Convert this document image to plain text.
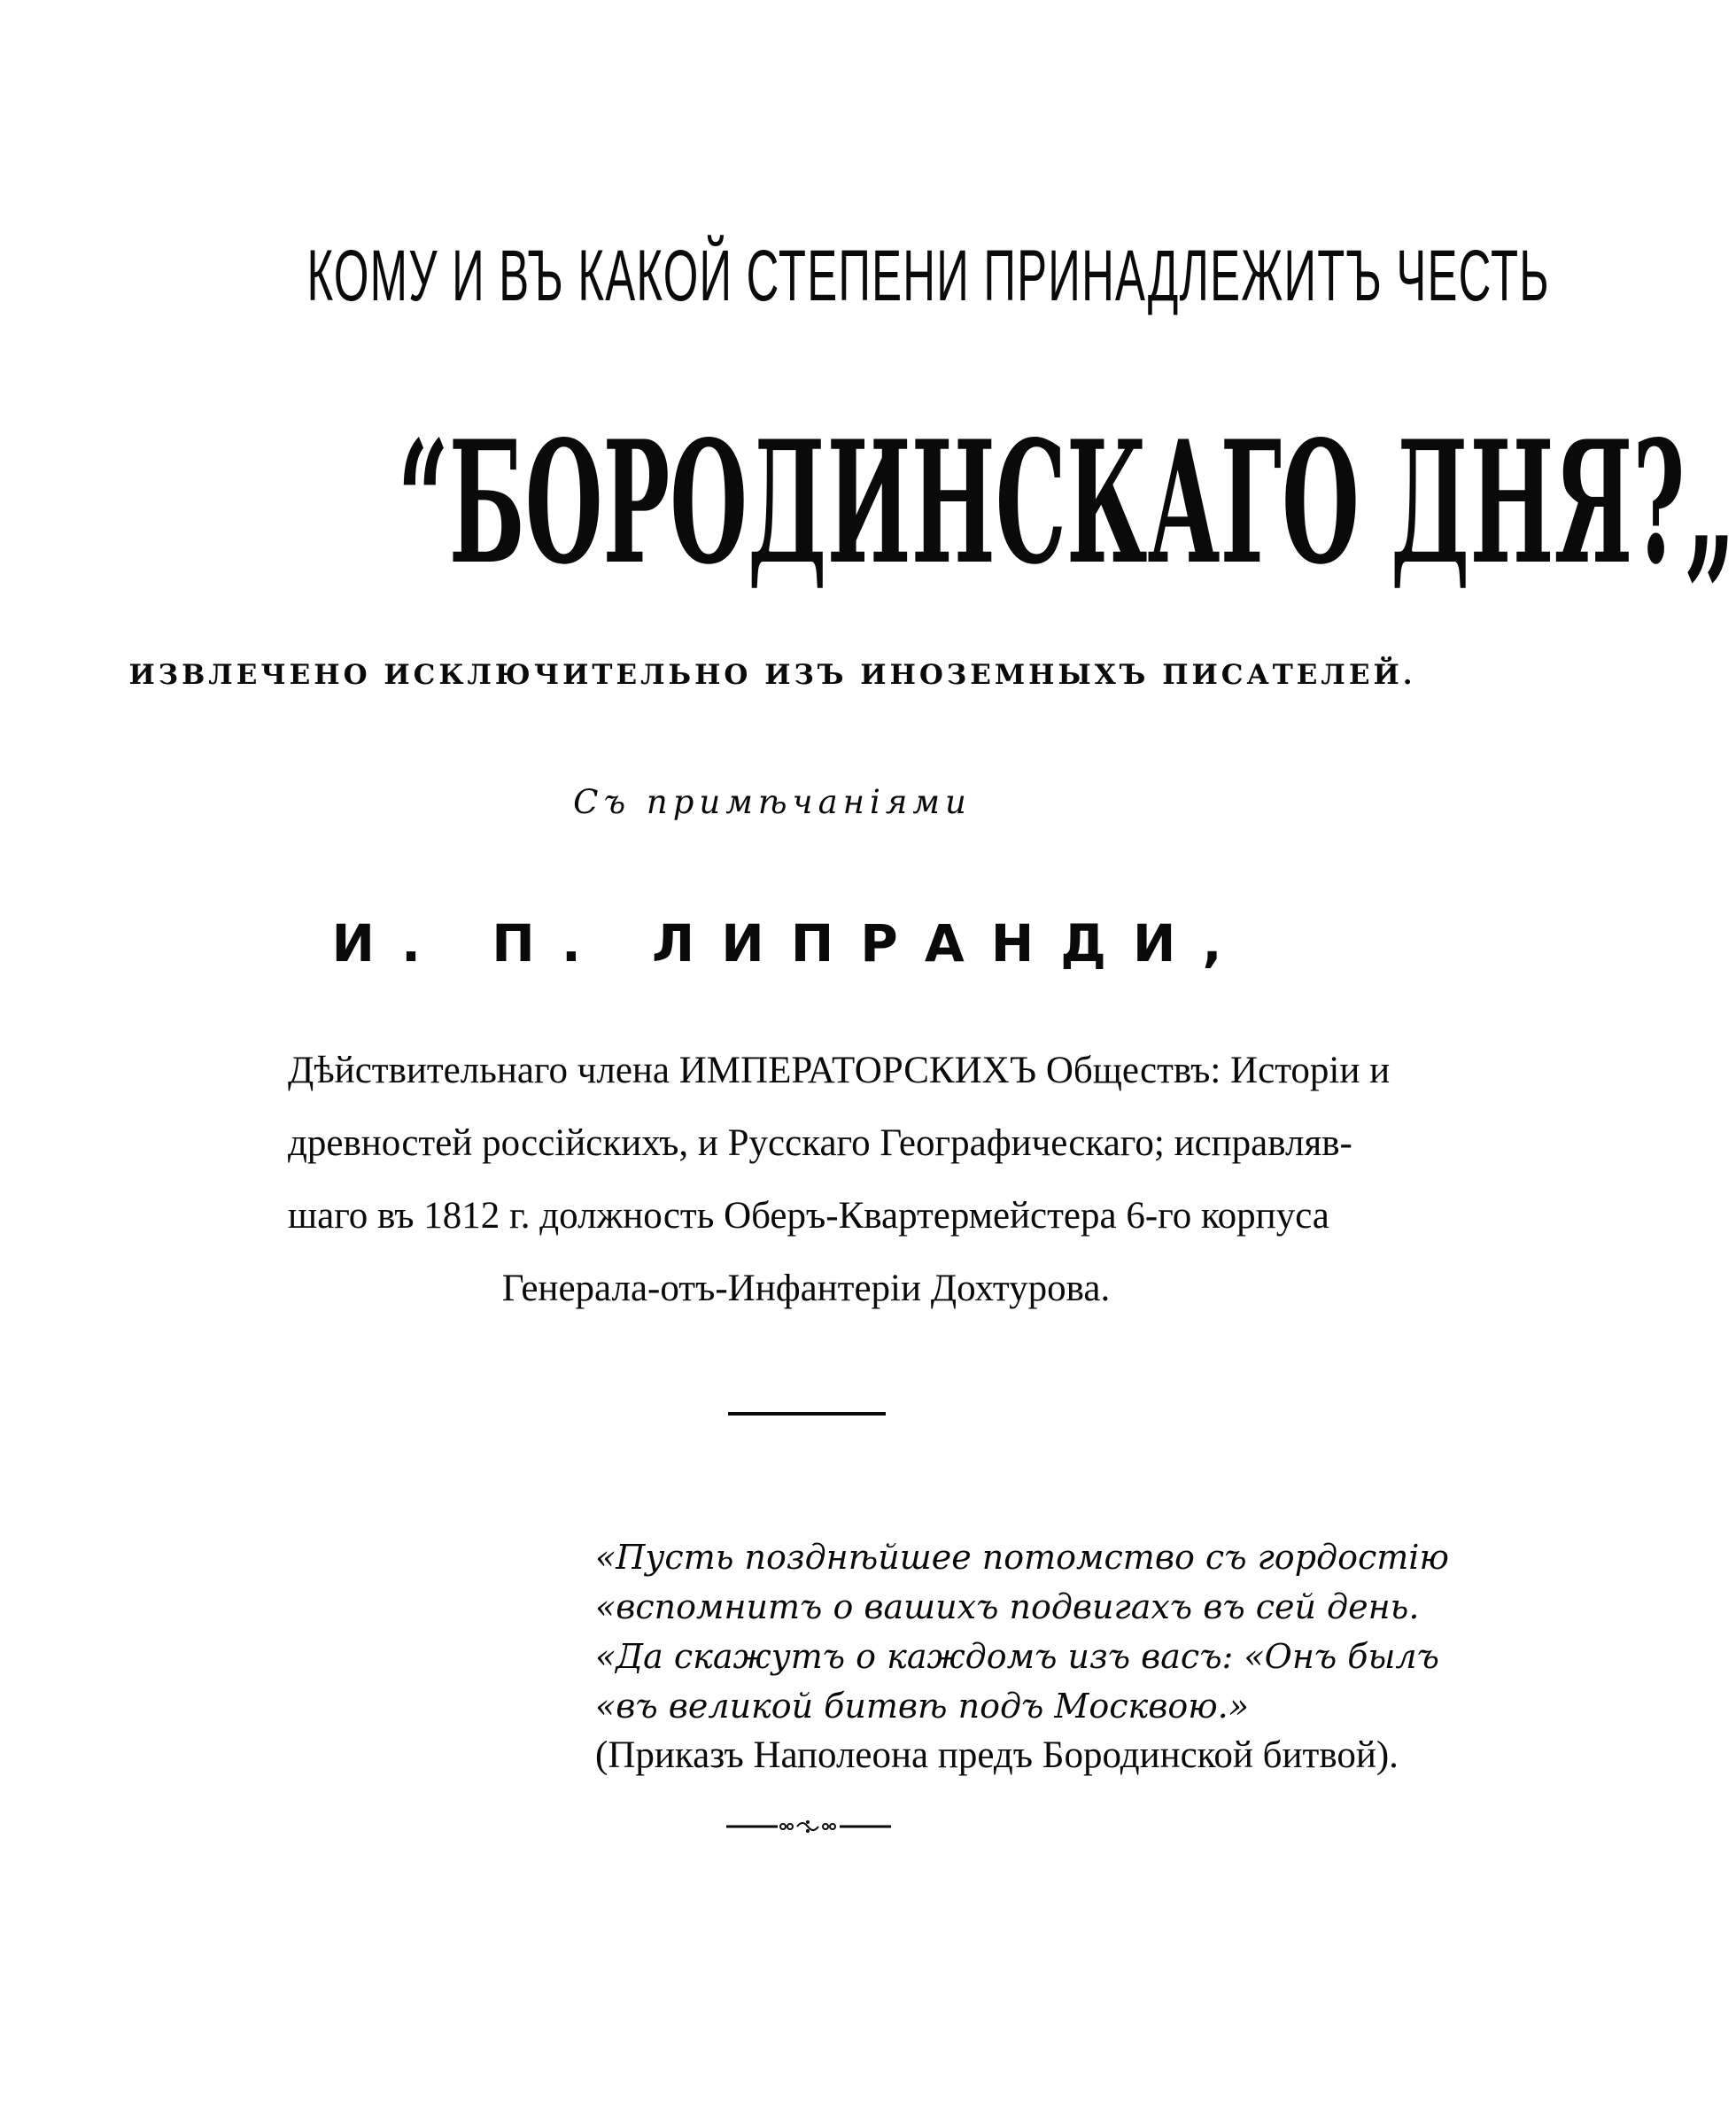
КОМУ И ВЪ КАКОЙ СТЕПЕНИ ПРИНАДЛЕЖИТЪ ЧЕСТЬ
“БОРОДИНСКАГО ДНЯ?„
ИЗВЛЕЧЕНО ИСКЛЮЧИТЕЛЬНО ИЗЪ ИНОЗЕМНЫХЪ ПИСАТЕЛЕЙ.
Съ примѣчаніями
И. П. ЛИПРАНДИ,
Дѣйствительнаго члена ИМПЕРАТОРСКИХЪ Обществъ: Исторіи и
древностей россійскихъ, и Русскаго Географическаго; исправляв-
шаго въ 1812 г. должность Оберъ-Квартермейстера 6-го корпуса
Генерала-отъ-Инфантеріи Дохтурова.
«Пусть позднѣйшее потомство съ гордостію
«вспомнитъ о вашихъ подвигахъ въ сей день.
«Да скажутъ о каждомъ изъ васъ: «Онъ былъ
«въ великой битвѣ подъ Москвою.»
(Приказъ Наполеона предъ Бородинской битвой).
